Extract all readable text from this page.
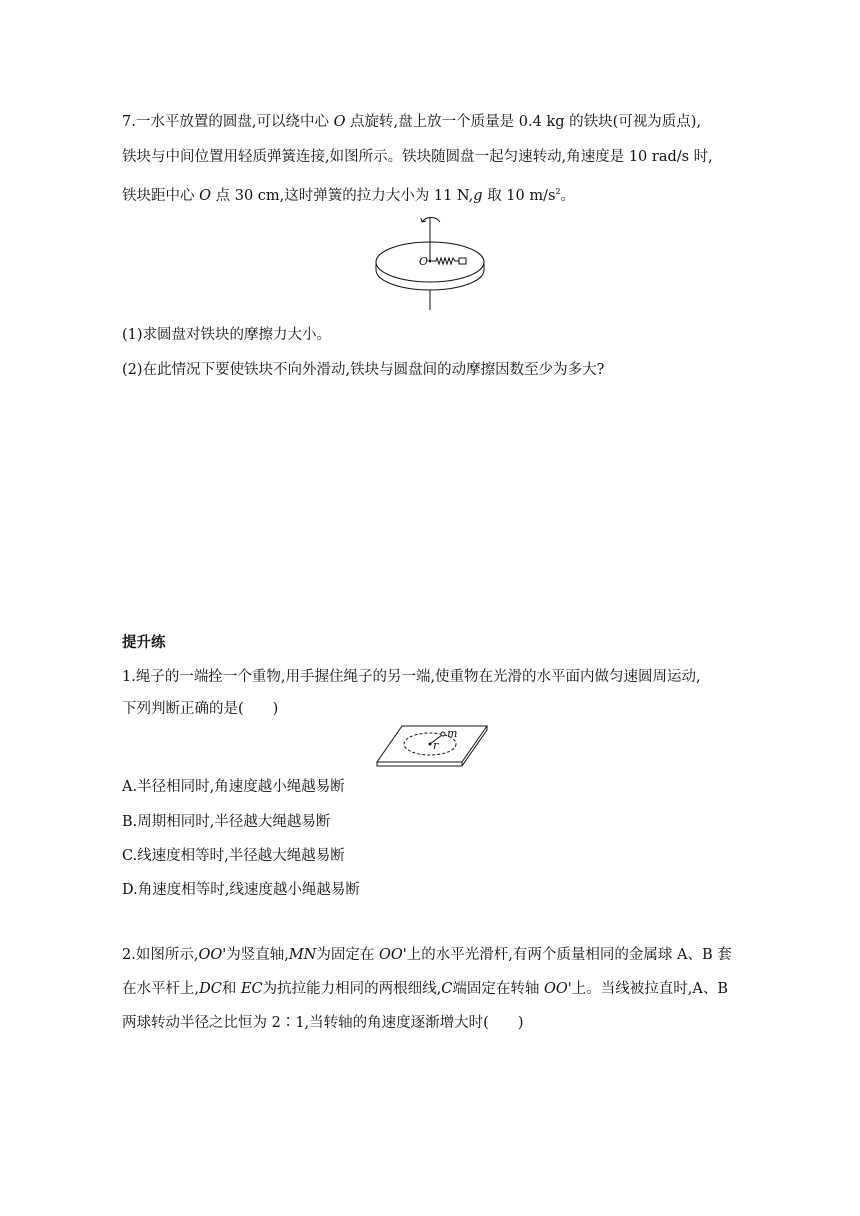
7.一水平放置的圆盘,可以绕中心 O 点旋转,盘上放一个质量是 0.4 kg 的铁块(可视为质点),
铁块与中间位置用轻质弹簧连接,如图所示。铁块随圆盘一起匀速转动,角速度是 10 rad/s 时,
铁块距中心 O 点 30 cm,这时弹簧的拉力大小为 11 N,g 取 10 $m/s^2$。
O
(1)求圆盘对铁块的摩擦力大小。
(2)在此情况下要使铁块不向外滑动,铁块与圆盘间的动摩擦因数至少为多大?
提升练
1.绳子的一端拴一个重物,用手握住绳子的另一端,使重物在光滑的水平面内做匀速圆周运动,
下列判断正确的是(　　)
m
r
A.半径相同时,角速度越小绳越易断
B.周期相同时,半径越大绳越易断
C.线速度相等时,半径越大绳越易断
D.角速度相等时,线速度越小绳越易断
2.如图所示,OO'为竖直轴,MN为固定在 OO'上的水平光滑杆,有两个质量相同的金属球 A、B 套
在水平杆上,DC和 EC为抗拉能力相同的两根细线,C端固定在转轴 OO'上。当线被拉直时,A、B
两球转动半径之比恒为 2∶1,当转轴的角速度逐渐增大时(　　)
